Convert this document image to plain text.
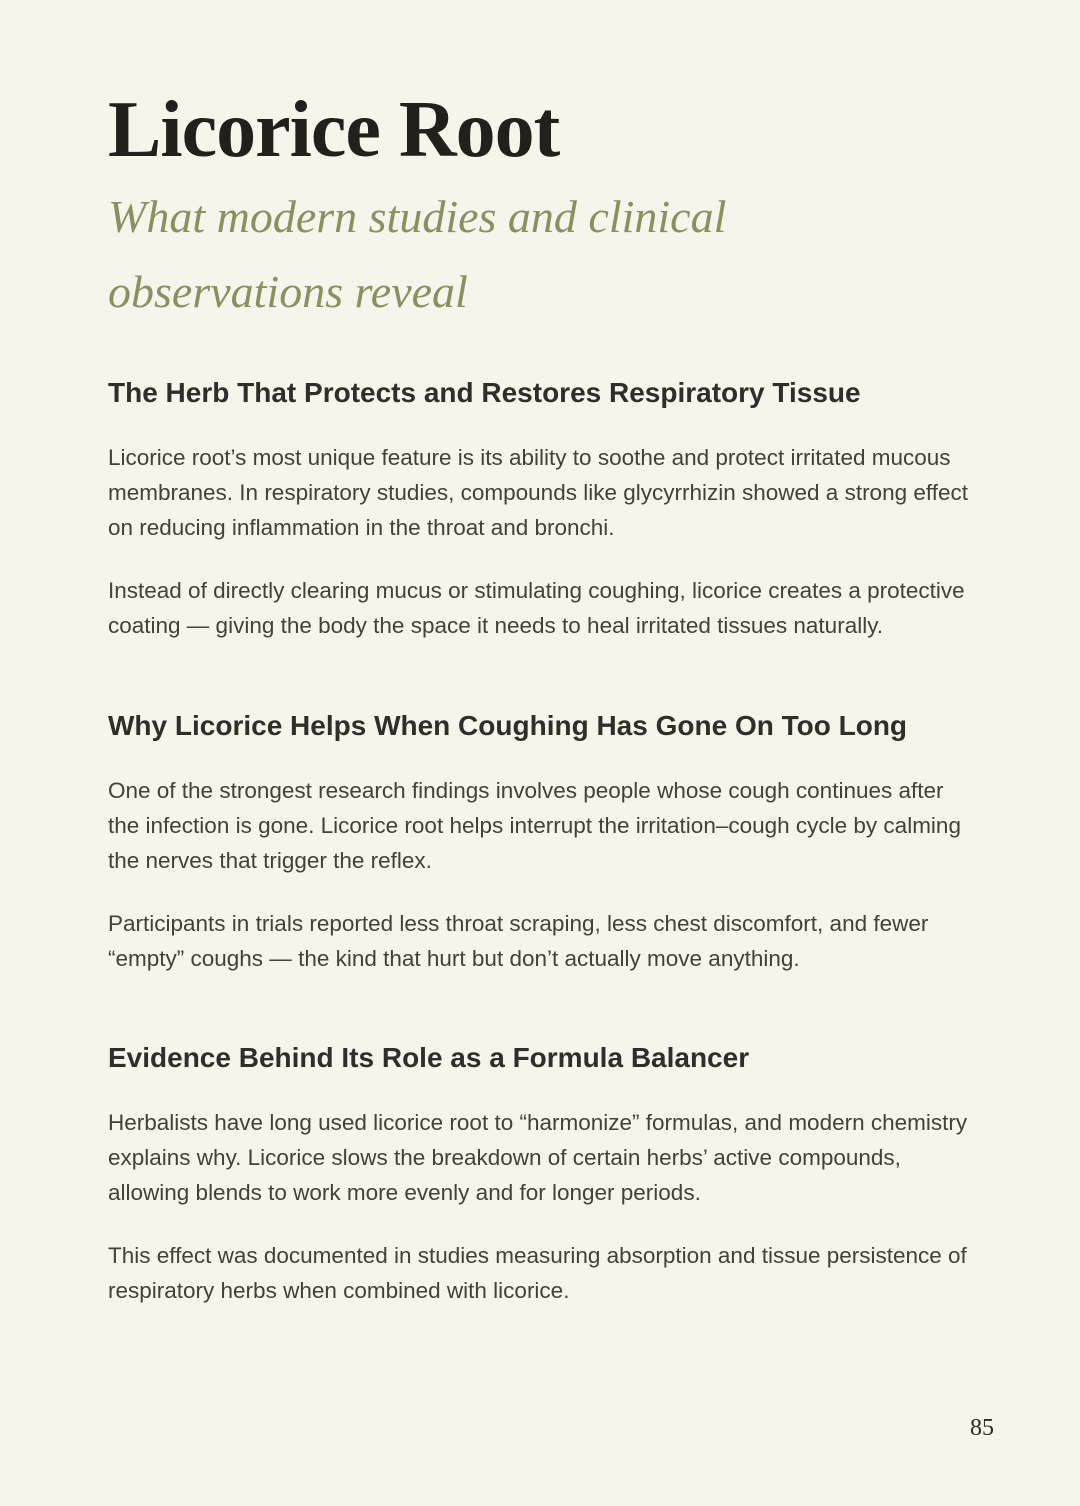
Licorice Root
What modern studies and clinical observations reveal
The Herb That Protects and Restores Respiratory Tissue

Licorice root’s most unique feature is its ability to soothe and protect irritated mucous membranes. In respiratory studies, compounds like glycyrrhizin showed a strong effect on reducing inflammation in the throat and bronchi.

Instead of directly clearing mucus or stimulating coughing, licorice creates a protective coating — giving the body the space it needs to heal irritated tissues naturally.

Why Licorice Helps When Coughing Has Gone On Too Long

One of the strongest research findings involves people whose cough continues after the infection is gone. Licorice root helps interrupt the irritation–cough cycle by calming the nerves that trigger the reflex.

Participants in trials reported less throat scraping, less chest discomfort, and fewer “empty” coughs — the kind that hurt but don’t actually move anything.

Evidence Behind Its Role as a Formula Balancer

Herbalists have long used licorice root to “harmonize” formulas, and modern chemistry explains why. Licorice slows the breakdown of certain herbs’ active compounds, allowing blends to work more evenly and for longer periods.

This effect was documented in studies measuring absorption and tissue persistence of respiratory herbs when combined with licorice.

85
